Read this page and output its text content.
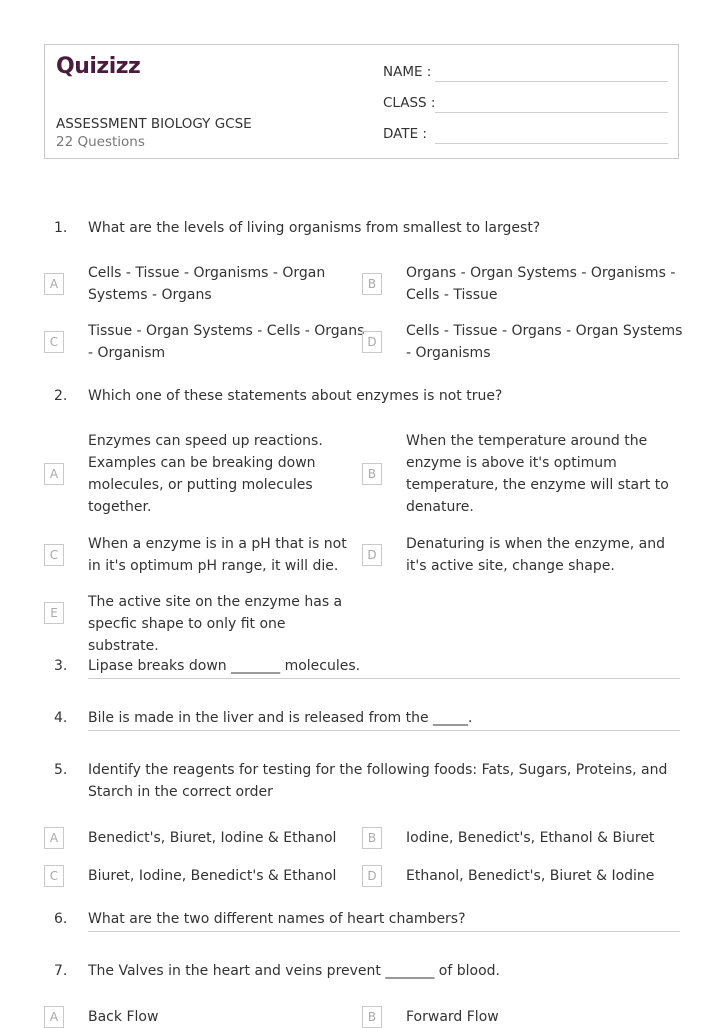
Quizizz
ASSESSMENT BIOLOGY GCSE
22 Questions
NAME :
CLASS :
DATE :
1. What are the levels of living organisms from smallest to largest?
A
Cells - Tissue - Organisms - Organ Systems - Organs
B
Organs - Organ Systems - Organisms - Cells - Tissue
C
Tissue - Organ Systems - Cells - Organs - Organism
D
Cells - Tissue - Organs - Organ Systems - Organisms
2. Which one of these statements about enzymes is not true?
A
Enzymes can speed up reactions. Examples can be breaking down molecules, or putting molecules together.
B
When the temperature around the enzyme is above it's optimum temperature, the enzyme will start to denature.
C
When a enzyme is in a pH that is not in it's optimum pH range, it will die.
D
Denaturing is when the enzyme, and it's active site, change shape.
E
The active site on the enzyme has a specfic shape to only fit one substrate.
3. Lipase breaks down _______ molecules.
4. Bile is made in the liver and is released from the _____.
5. Identify the reagents for testing for the following foods: Fats, Sugars, Proteins, and Starch in the correct order
A	Benedict's, Biuret, Iodine & Ethanol	B	Iodine, Benedict's, Ethanol & Biuret
C	Biuret, Iodine, Benedict's & Ethanol	D	Ethanol, Benedict's, Biuret & Iodine
6. What are the two different names of heart chambers?
7. The Valves in the heart and veins prevent _______ of blood.
A	Back Flow	B	Forward Flow
